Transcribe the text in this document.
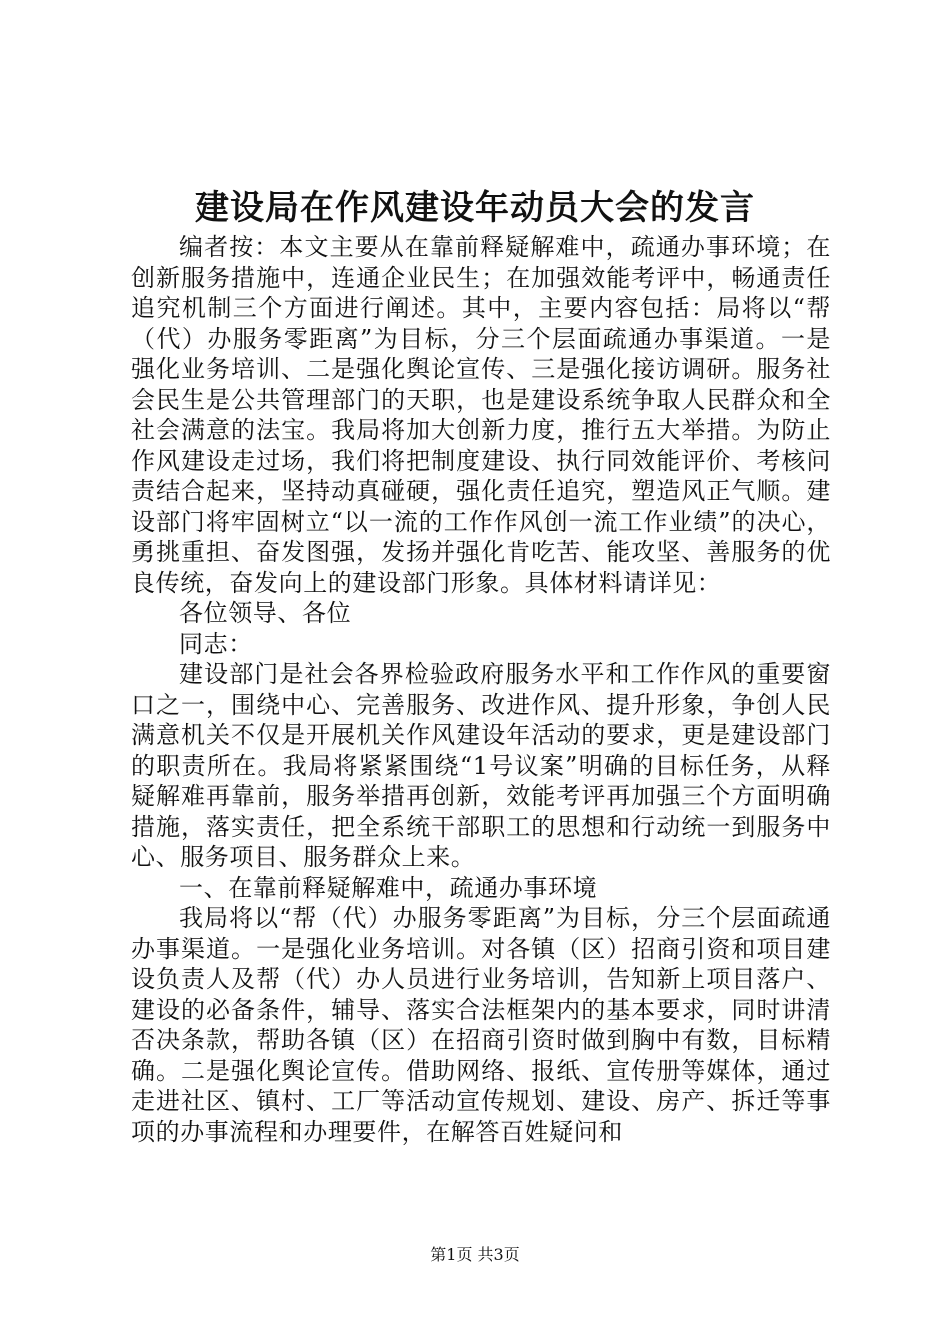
建设局在作风建设年动员大会的发言

编者按：本文主要从在靠前释疑解难中，疏通办事环境；在创新服务措施中，连通企业民生；在加强效能考评中，畅通责任追究机制三个方面进行阐述。其中，主要内容包括：局将以“帮（代）办服务零距离”为目标，分三个层面疏通办事渠道。一是强化业务培训、二是强化舆论宣传、三是强化接访调研。服务社会民生是公共管理部门的天职，也是建设系统争取人民群众和全社会满意的法宝。我局将加大创新力度，推行五大举措。为防止作风建设走过场，我们将把制度建设、执行同效能评价、考核问责结合起来，坚持动真碰硬，强化责任追究，塑造风正气顺。建设部门将牢固树立“以一流的工作作风创一流工作业绩”的决心，勇挑重担、奋发图强，发扬并强化肯吃苦、能攻坚、善服务的优良传统，奋发向上的建设部门形象。具体材料请详见：

各位领导、各位

同志：

建设部门是社会各界检验政府服务水平和工作作风的重要窗口之一，围绕中心、完善服务、改进作风、提升形象，争创人民满意机关不仅是开展机关作风建设年活动的要求，更是建设部门的职责所在。我局将紧紧围绕“1号议案”明确的目标任务，从释疑解难再靠前，服务举措再创新，效能考评再加强三个方面明确措施，落实责任，把全系统干部职工的思想和行动统一到服务中心、服务项目、服务群众上来。

一、在靠前释疑解难中，疏通办事环境

我局将以“帮（代）办服务零距离”为目标，分三个层面疏通办事渠道。一是强化业务培训。对各镇（区）招商引资和项目建设负责人及帮（代）办人员进行业务培训，告知新上项目落户、建设的必备条件，辅导、落实合法框架内的基本要求，同时讲清否决条款，帮助各镇（区）在招商引资时做到胸中有数，目标精确。二是强化舆论宣传。借助网络、报纸、宣传册等媒体，通过走进社区、镇村、工厂等活动宣传规划、建设、房产、拆迁等事项的办事流程和办理要件，在解答百姓疑问和

第1页 共3页
